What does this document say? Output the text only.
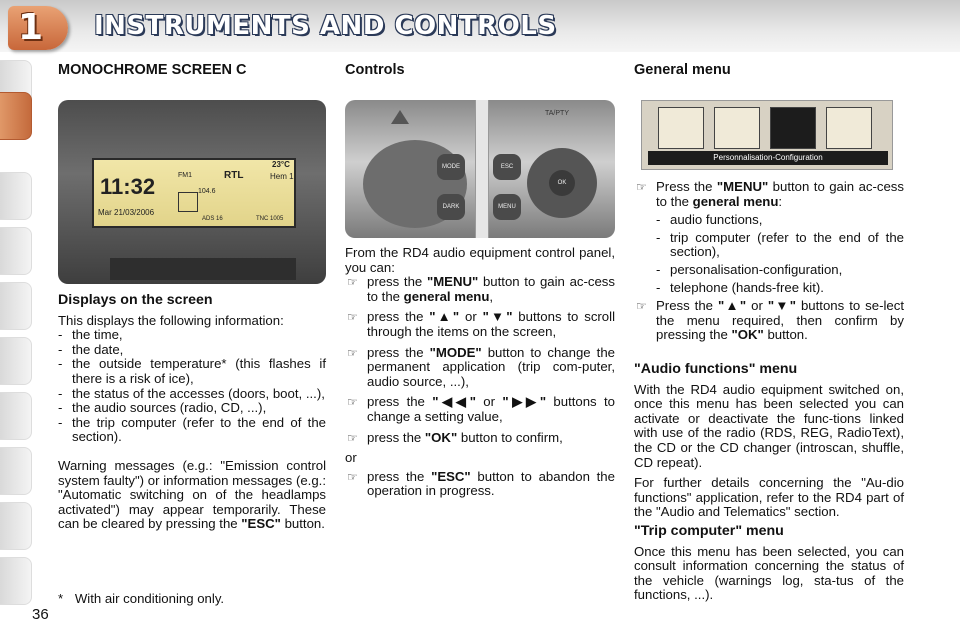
1 INSTRUMENTS AND CONTROLS
MONOCHROME SCREEN C
11:32
Mar 21/03/2006
FM1	RTL
23°C
Hem 1
104.6
ADS 16	TNC 1005
Displays on the screen

This displays the following information:

- the time,
- the date,
- the outside temperature* (this flashes if there is a risk of ice),
- the status of the accesses (doors, boot, ...),
- the audio sources (radio, CD, ...),
- the trip computer (refer to the end of the section).

Warning messages (e.g.: "Emission control system faulty") or information messages (e.g.: "Automatic switching on of the headlamps activated") may appear temporarily. These can be cleared by pressing the "ESC" button.

* With air conditioning only.
36
Controls
TA/PTY
MODE
DARK
ESC
MENU
OK

From the RD4 audio equipment control panel, you can:

☞ press the "MENU" button to gain ac-cess to the general menu,

☞ press the "▲" or "▼" buttons to scroll through the items on the screen,

☞ press the "MODE" button to change the permanent application (trip com-puter, audio source, ...),

☞ press the "◀◀" or "▶▶" buttons to change a setting value,

☞ press the "OK" button to confirm,

or

☞ press the "ESC" button to abandon the operation in progress.

General menu
Personnalisation-Configuration

☞ Press the "MENU" button to gain ac-cess to the general menu:

- audio functions,
- trip computer (refer to the end of the section),
- personalisation-configuration,
- telephone (hands-free kit).

☞ Press the "▲" or "▼" buttons to se-lect the menu required, then confirm by pressing the "OK" button.

"Audio functions" menu

With the RD4 audio equipment switched on, once this menu has been selected you can activate or deactivate the func-tions linked with use of the radio (RDS, REG, RadioText), the CD or the CD changer (introscan, shuffle, CD repeat).

For further details concerning the "Au-dio functions" application, refer to the RD4 part of the "Audio and Telematics" section.

"Trip computer" menu

Once this menu has been selected, you can consult information concerning the status of the vehicle (warnings log, sta-tus of the functions, ...).
